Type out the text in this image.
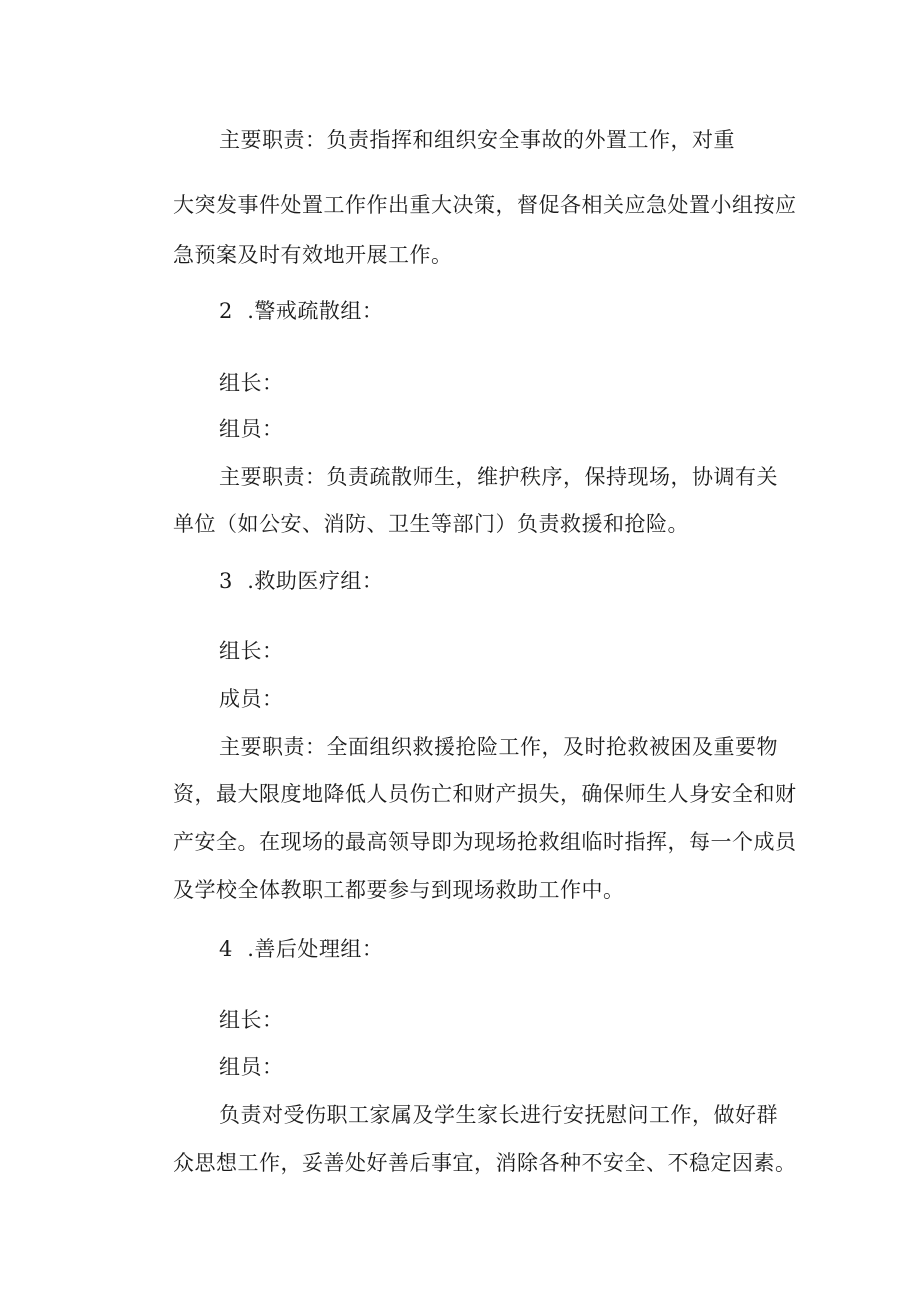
主要职责：负责指挥和组织安全事故的外置工作，对重
大突发事件处置工作作出重大决策，督促各相关应急处置小组按应
急预案及时有效地开展工作。
2  .警戒疏散组：
组长：
组员：
主要职责：负责疏散师生，维护秩序，保持现场，协调有关
单位（如公安、消防、卫生等部门）负责救援和抢险。
3  .救助医疗组：
组长：
成员：
主要职责：全面组织救援抢险工作，及时抢救被困及重要物
资，最大限度地降低人员伤亡和财产损失，确保师生人身安全和财
产安全。在现场的最高领导即为现场抢救组临时指挥，每一个成员
及学校全体教职工都要参与到现场救助工作中。
4  .善后处理组：
组长：
组员：
负责对受伤职工家属及学生家长进行安抚慰问工作，做好群
众思想工作，妥善处好善后事宜，消除各种不安全、不稳定因素。
